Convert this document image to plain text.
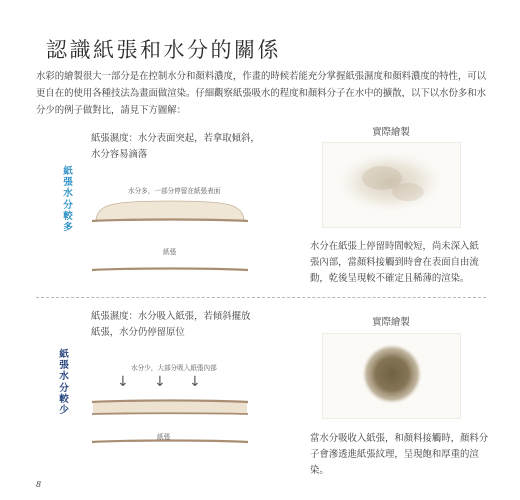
認識紙張和水分的關係
水彩的繪製很大一部分是在控制水分和顏料濃度，作畫的時候若能充分掌握紙張濕度和顏料濃度的特性，可以更自在的使用各種技法為畫面做渲染。仔細觀察紙張吸水的程度和顏料分子在水中的擴散，以下以水份多和水分少的例子做對比，請見下方圖解：
紙
張
水
分
較
多
紙張濕度：水分表面突起，若拿取傾斜，
水分容易滴落
水分多，一部分停留在紙張表面
紙張
實際繪製
水分在紙張上停留時間較短，尚未深入紙
張內部，當顏料接觸到時會在表面自由流
動，乾後呈現較不確定且稀薄的渲染。
紙
張
水
分
較
少
紙張濕度：水分吸入紙張，若傾斜擺放
紙張，水分仍停留原位
水分少，大部分吸入紙張內部
↓ ↓ ↓
紙張
實際繪製
當水分吸收入紙張，和顏料接觸時，顏料分
子會滲透進紙張紋理，呈現飽和厚重的渲
染。
8
